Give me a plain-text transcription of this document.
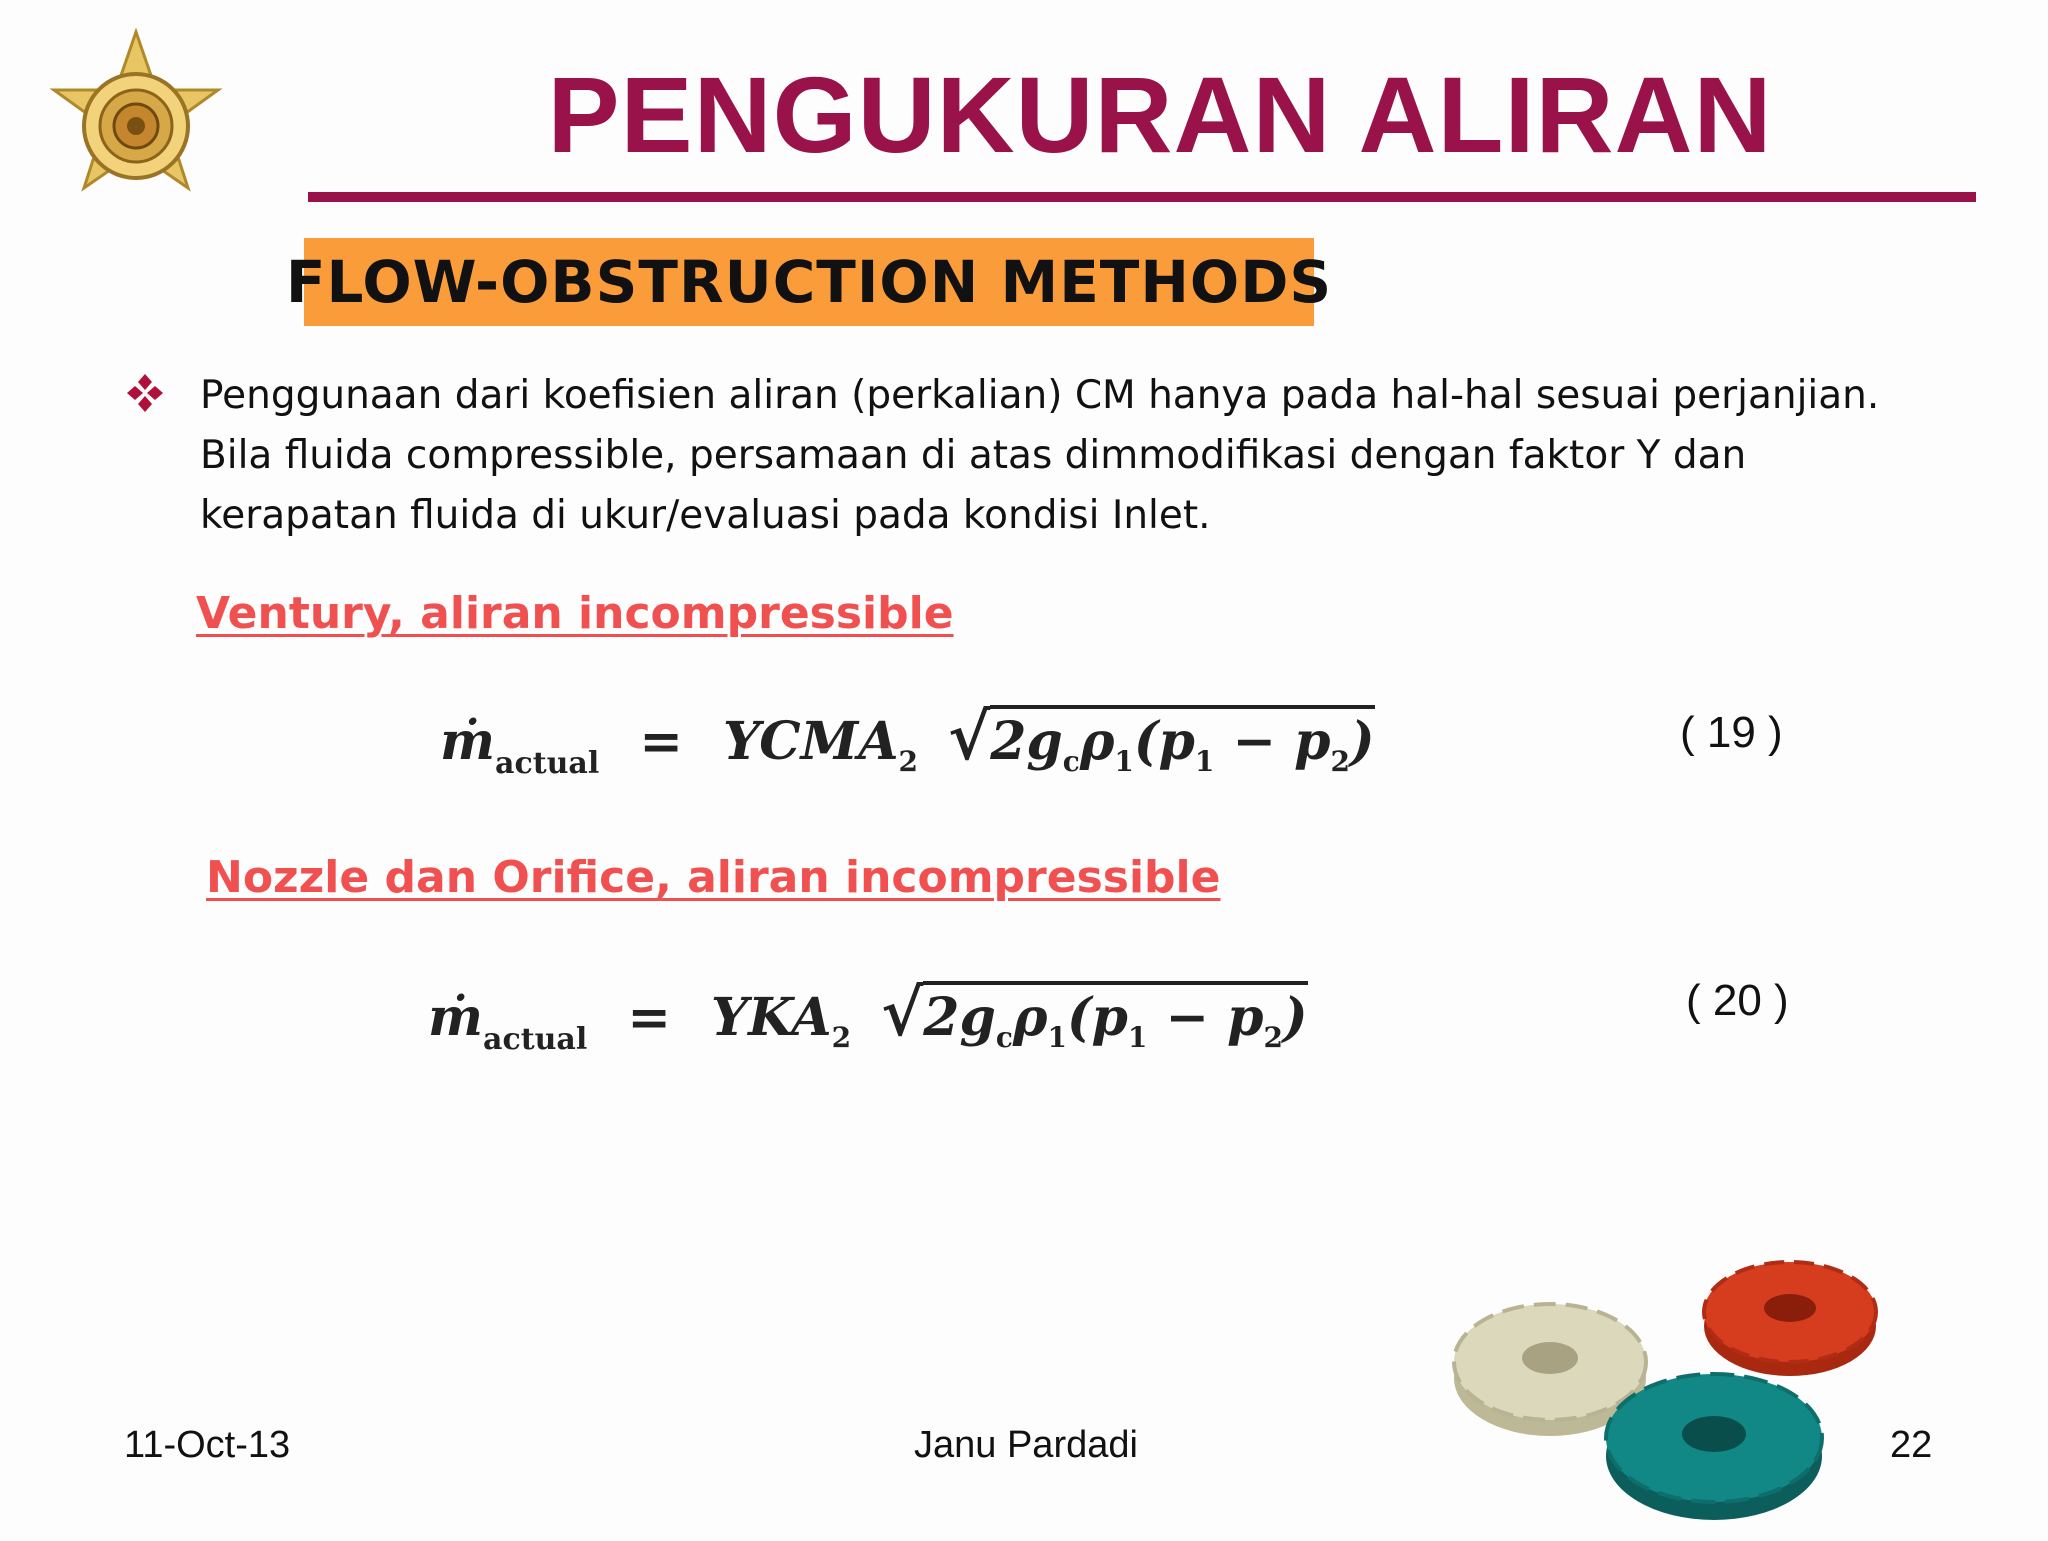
PENGUKURAN ALIRAN
FLOW-OBSTRUCTION METHODS
Penggunaan dari koefisien aliran (perkalian) CM hanya pada hal-hal sesuai perjanjian.
Bila fluida compressible, persamaan di atas dimmodifikasi dengan faktor Y dan
kerapatan fluida di ukur/evaluasi pada kondisi Inlet.
Ventury, aliran incompressible
ṁ$_{actual}$ = $YCMA_2$ $√2g_c\rho_1(p_1 - p_2)$	( 19 )
Nozzle dan Orifice, aliran incompressible
ṁ$_{actual}$ = $YKA_2$ $√2g_c\rho_1(p_1 - p_2)$	( 20 )
11-Oct-13	Janu Pardadi	22
